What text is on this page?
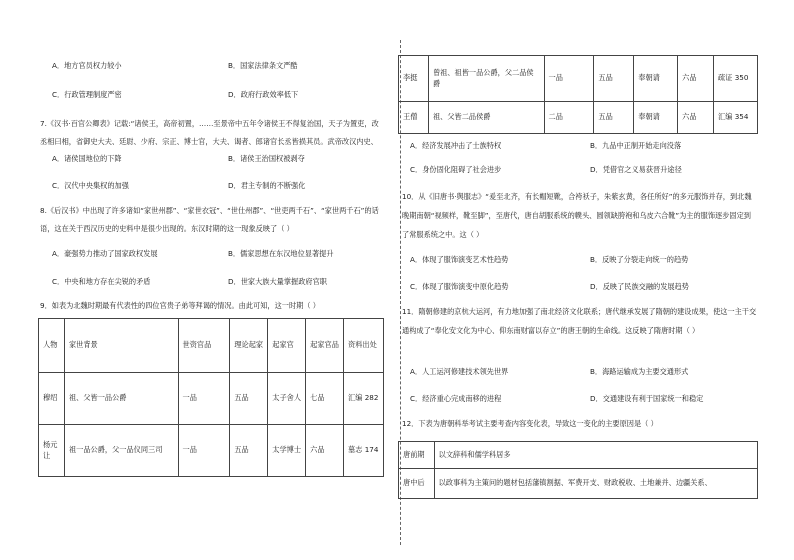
A．地方官员权力较小	B．国家法律条文严酷
C．行政管理制度严密	D．政府行政效率低下
7.《汉书·百官公卿表》记载:“诸侯王，高帝初置，……至景帝中五年令诸侯王不得复治国，天子为置吏，改丞相曰相，省御史大夫、廷尉、少府、宗正、博士官，大夫、谒者、郎诸官长丞皆损其员。武帝改汉内史、
A．诸侯国地位的下降	B．诸侯王治国权被剥夺
C．汉代中央集权的加强	D．君主专制的不断强化
8.《后汉书》中出现了许多诸如“家世州郡”、“家世衣冠”、“世仕州郡”、“世吏两千石”、“家世两千石”的话语，这在关于西汉历史的史料中是很少出现的。东汉时期的这一现象反映了（ ）
A．豪强势力推动了国家政权发展	B．儒家思想在东汉地位显著提升
C．中央和地方存在尖锐的矛盾	D．世家大族大量掌握政府官职
9．如表为北魏时期最有代表性的四位官贵子弟等拜谒的情况。由此可知，这一时期（ ）
人物	家世背景	世资官品	理论起家	起家官	起家官品	资料出处
穆绍	祖、父皆一品公爵	一品	五品	太子舍人	七品	汇编 282
杨元让	祖一品公爵，父一品仪同三司	一品	五品	太学博士	六品	墓志 174
李挺	曾祖、祖皆一品公爵，父二品侯爵	一品	五品	奉朝请	六品	疏证 350
王僧	祖、父皆二品侯爵	二品	五品	奉朝请	六品	汇编 354
A．经济发展冲击了士族特权	B．九品中正制开始走向没落
C．身份固化阻碍了社会进步	D．凭借官之义易获晋升途径
10．从《旧唐书·舆服志》“爰至北齐，有长帽短靴，合袴袄子，朱紫玄黄，各任所好”的多元服饰并存，到北魏晚期南朝“视频样，靴至脚”，至唐代，唐自胡服系统的幞头、圆领缺胯袍和乌皮六合靴”为主的服饰逐步固定到了常服系统之中。这（ ）
A．体现了服饰演变艺术性趋势	B．反映了分裂走向统一的趋势
C．体现了服饰演变中原化趋势	D．反映了民族交融的发展趋势
11．隋朝修建的京杭大运河，有力地加强了南北经济文化联系；唐代继承发展了隋朝的建设成果，使这一主干交通构成了“奉化安文化为中心、仰东南财富以存立”的唐王朝的生命线。这反映了隋唐时期（ ）
A．人工运河修建技术领先世界	B．海路运输成为主要交通形式
C．经济重心完成南移的进程	D．交通建设有利于国家统一和稳定
12．下表为唐朝科举考试主要考查内容变化表，导致这一变化的主要原因是（ ）
唐前期	以文辞科和儒学科居多
唐中后	以政事科为主策问的题材包括藩镇割据、军费开支、财政税收、土地兼并、边疆关系、
